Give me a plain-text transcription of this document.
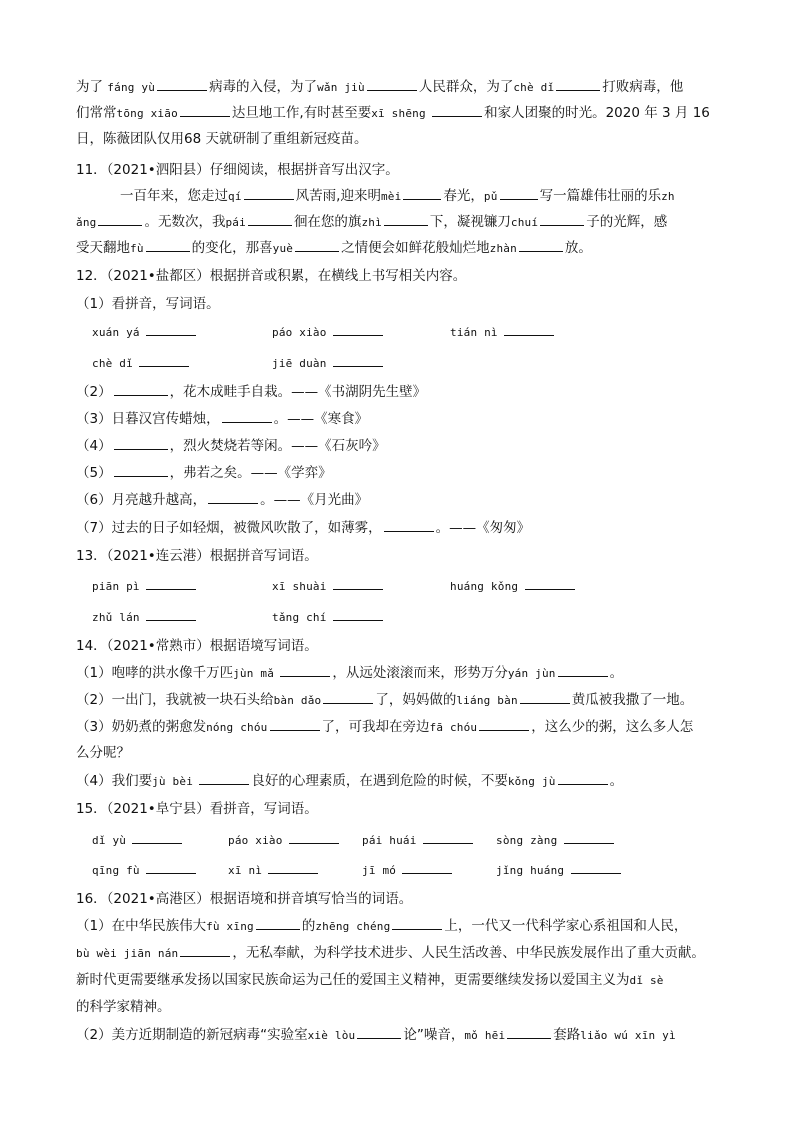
为了 fáng yù	病毒的入侵，为了wǎn jiù	人民群众，为了chè dǐ	打败病毒，他
们常常tōng xiāo	达旦地工作,有时甚至要xī shēng	和家人团聚的时光。2020 年 3 月 16
日，陈薇团队仅用68 天就研制了重组新冠疫苗。
11．（2021•泗阳县）仔细阅读，根据拼音写出汉字。
一百年来，您走过qí	风苦雨,迎来明mèi	春光，pǔ	写一篇雄伟壮丽的乐zh
ǎng	。无数次，我pái	徊在您的旗zhì	下，凝视镰刀chuí	子的光辉，感
受天翻地fù	的变化，那喜yuè	之情便会如鲜花般灿烂地zhàn	放。
12．（2021•盐都区）根据拼音或积累，在横线上书写相关内容。
（1）看拼音，写词语。
xuán yá	páo xiào	tián nì
chè dǐ	jiē duàn
（2）	，花木成畦手自栽。——《书湖阴先生壁》
（3）日暮汉宫传蜡烛，	。——《寒食》
（4）	，烈火焚烧若等闲。——《石灰吟》
（5）	，弗若之矣。——《学弈》
（6）月亮越升越高，	。——《月光曲》
（7）过去的日子如轻烟，被微风吹散了，如薄雾，	。——《匆匆》
13．（2021•连云港）根据拼音写词语。
piān pì	xī shuài	huáng kǒng
zhǔ lán	tǎng chí
14．（2021•常熟市）根据语境写词语。
（1）咆哮的洪水像千万匹jùn mǎ	，从远处滚滚而来，形势万分yán jùn	。
（2）一出门，我就被一块石头给bàn dǎo	了，妈妈做的liáng bàn	黄瓜被我撒了一地。
（3）奶奶煮的粥愈发nóng chóu	了，可我却在旁边fā chóu	，这么少的粥，这么多人怎
么分呢？
（4）我们要jù bèi	良好的心理素质，在遇到危险的时候，不要kǒng jù	。
15．（2021•阜宁县）看拼音，写词语。
dǐ yù	páo xiào	pái huái	sòng zàng
qīng fù	xī nì	jī mó	jǐng huáng
16．（2021•高港区）根据语境和拼音填写恰当的词语。
（1）在中华民族伟大fù xīng	的zhēng chéng	上，一代又一代科学家心系祖国和人民，
bù wèi jiān nán	，无私奉献，为科学技术进步、人民生活改善、中华民族发展作出了重大贡献。
新时代更需要继承发扬以国家民族命运为己任的爱国主义精神，更需要继续发扬以爱国主义为dǐ sè
的科学家精神。
（2）美方近期制造的新冠病毒“实验室xiè lòu	论”噪音，mǒ hēi	套路liǎo wú xīn yì
